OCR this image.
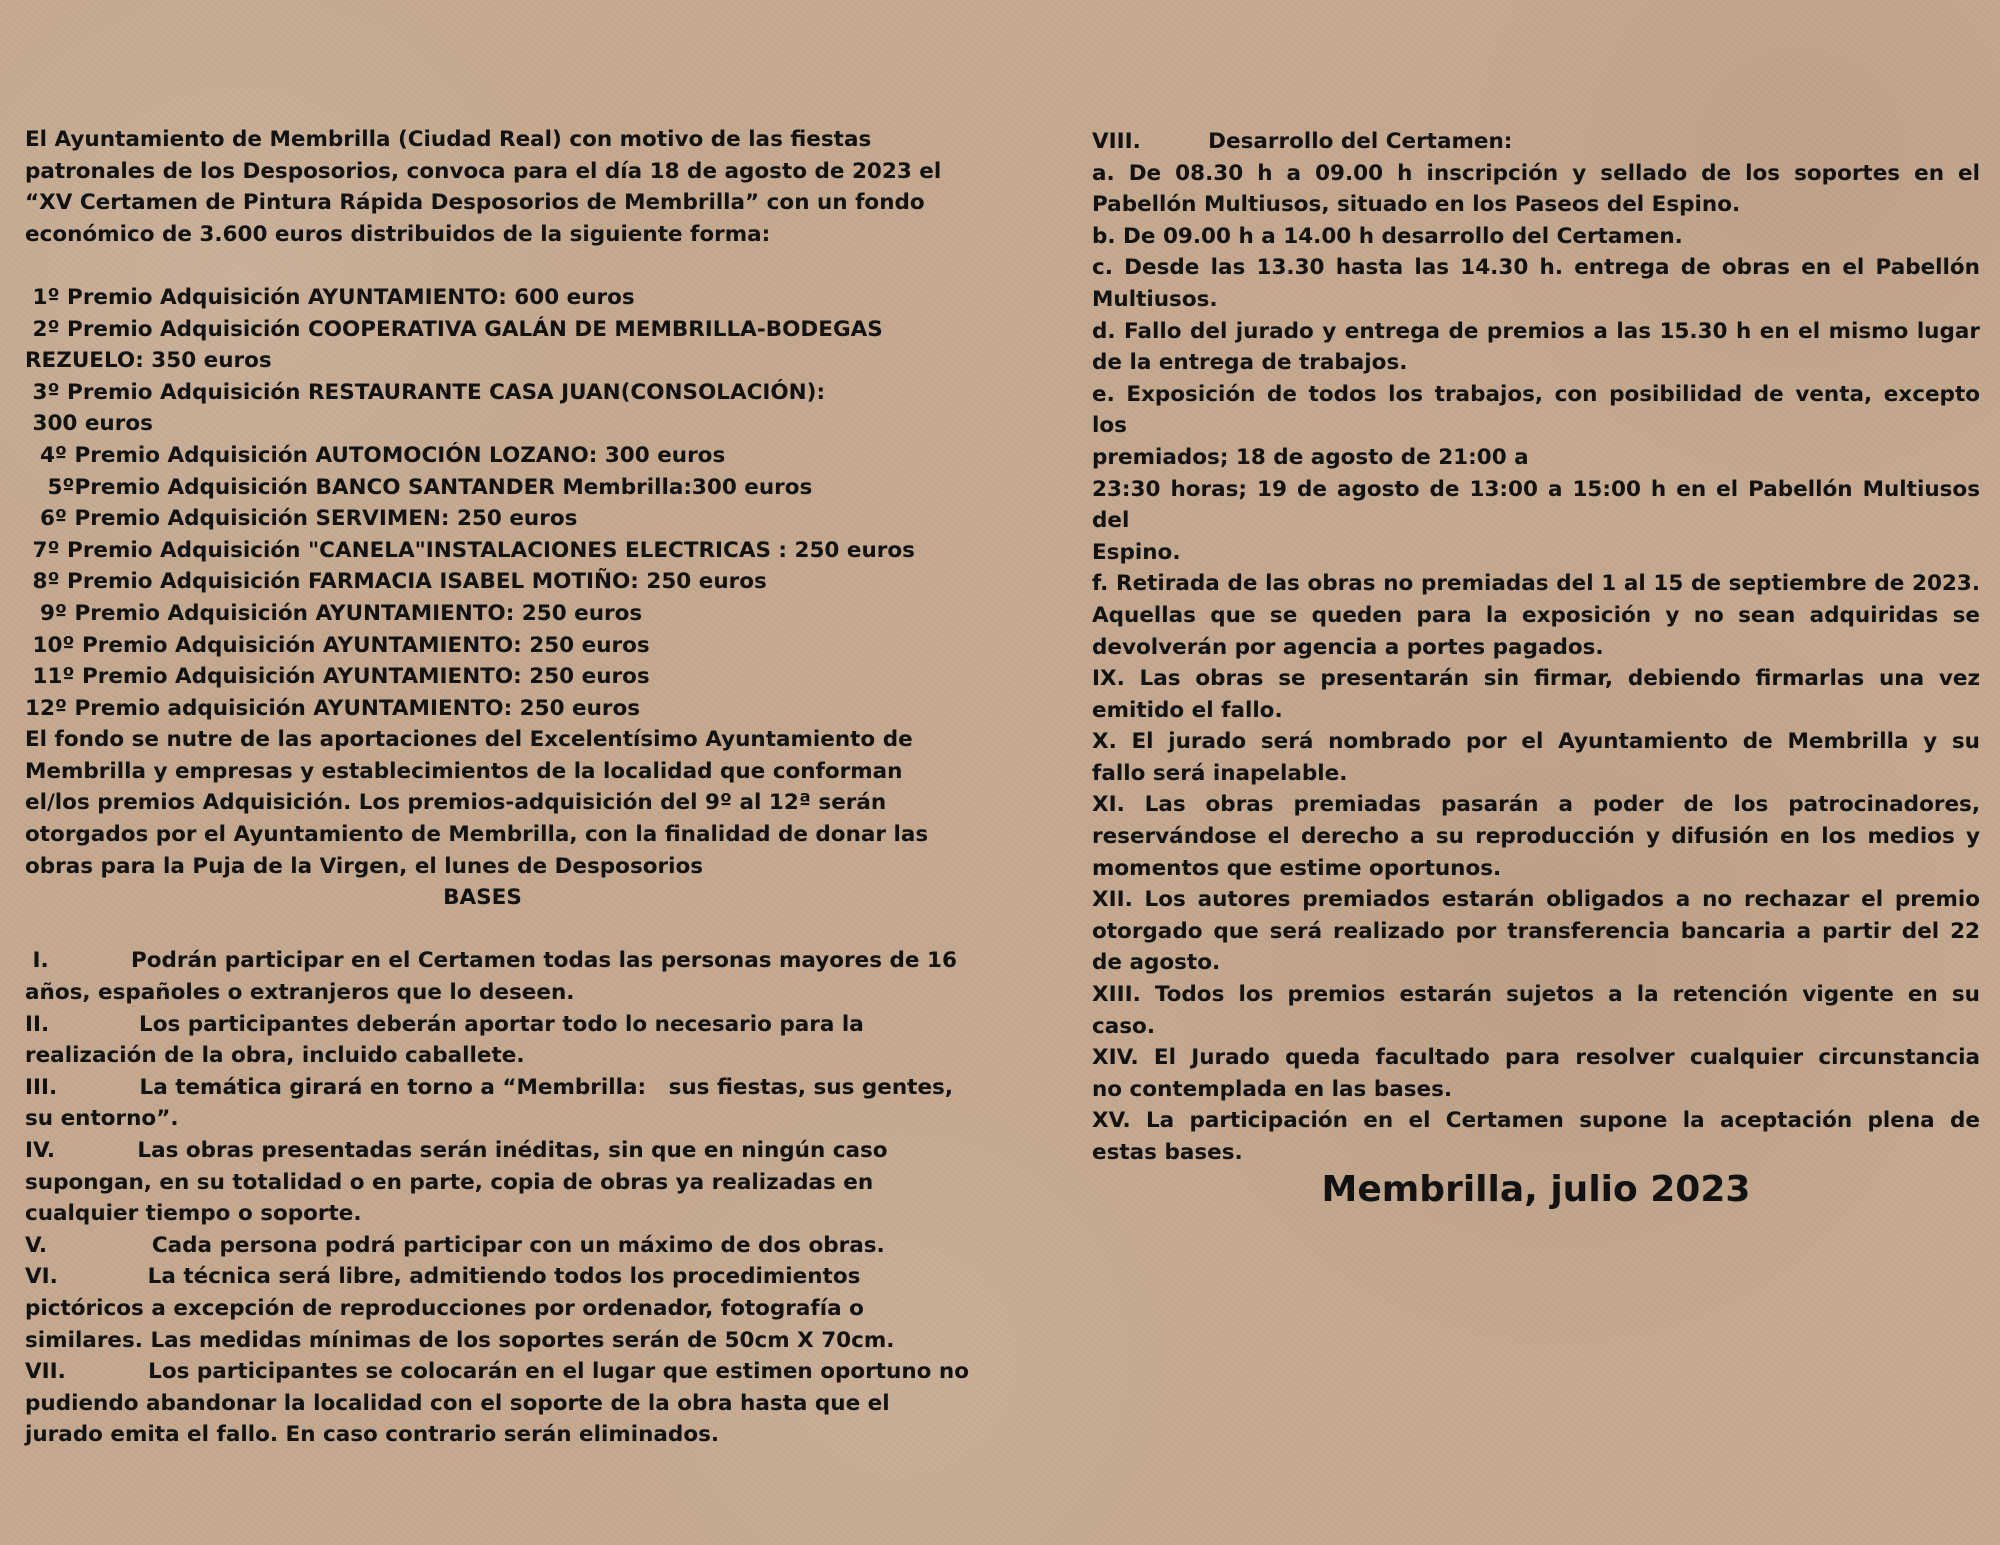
El Ayuntamiento de Membrilla (Ciudad Real) con motivo de las fiestas
patronales de los Desposorios, convoca para el día 18 de agosto de 2023 el
“XV Certamen de Pintura Rápida Desposorios de Membrilla” con un fondo
económico de 3.600 euros distribuidos de la siguiente forma:
1º Premio Adquisición AYUNTAMIENTO: 600 euros
2º Premio Adquisición COOPERATIVA GALÁN DE MEMBRILLA-BODEGAS
REZUELO: 350 euros
3º Premio Adquisición RESTAURANTE CASA JUAN(CONSOLACIÓN):
300 euros
4º Premio Adquisición AUTOMOCIÓN LOZANO: 300 euros
5ºPremio Adquisición BANCO SANTANDER Membrilla:300 euros
6º Premio Adquisición SERVIMEN: 250 euros
7º Premio Adquisición "CANELA"INSTALACIONES ELECTRICAS : 250 euros
8º Premio Adquisición FARMACIA ISABEL MOTIÑO: 250 euros
9º Premio Adquisición AYUNTAMIENTO: 250 euros
10º Premio Adquisición AYUNTAMIENTO: 250 euros
11º Premio Adquisición AYUNTAMIENTO: 250 euros
12º Premio adquisición AYUNTAMIENTO: 250 euros
El fondo se nutre de las aportaciones del Excelentísimo Ayuntamiento de
Membrilla y empresas y establecimientos de la localidad que conforman
el/los premios Adquisición. Los premios-adquisición del 9º al 12ª serán
otorgados por el Ayuntamiento de Membrilla, con la finalidad de donar las
obras para la Puja de la Virgen, el lunes de Desposorios
BASES
I.           Podrán participar en el Certamen todas las personas mayores de 16
años, españoles o extranjeros que lo deseen.
II.            Los participantes deberán aportar todo lo necesario para la
realización de la obra, incluido caballete.
III.           La temática girará en torno a “Membrilla:   sus fiestas, sus gentes,
su entorno”.
IV.           Las obras presentadas serán inéditas, sin que en ningún caso
supongan, en su totalidad o en parte, copia de obras ya realizadas en
cualquier tiempo o soporte.
V.              Cada persona podrá participar con un máximo de dos obras.
VI.            La técnica será libre, admitiendo todos los procedimientos
pictóricos a excepción de reproducciones por ordenador, fotografía o
similares. Las medidas mínimas de los soportes serán de 50cm X 70cm.
VII.           Los participantes se colocarán en el lugar que estimen oportuno no
pudiendo abandonar la localidad con el soporte de la obra hasta que el
jurado emita el fallo. En caso contrario serán eliminados.
VIII.         Desarrollo del Certamen:
a. De 08.30 h a 09.00 h inscripción y sellado de los soportes en el
Pabellón Multiusos, situado en los Paseos del Espino.
b. De 09.00 h a 14.00 h desarrollo del Certamen.
c. Desde las 13.30 hasta las 14.30 h. entrega de obras en el Pabellón
Multiusos.
d. Fallo del jurado y entrega de premios a las 15.30 h en el mismo lugar
de la entrega de trabajos.
e. Exposición de todos los trabajos, con posibilidad de venta, excepto los
premiados; 18 de agosto de 21:00 a
23:30 horas; 19 de agosto de 13:00 a 15:00 h en el Pabellón Multiusos del
Espino.
f. Retirada de las obras no premiadas del 1 al 15 de septiembre de 2023.
Aquellas que se queden para la exposición y no sean adquiridas se
devolverán por agencia a portes pagados.
IX. Las obras se presentarán sin firmar, debiendo firmarlas una vez
emitido el fallo.
X. El jurado será nombrado por el Ayuntamiento de Membrilla y su
fallo será inapelable.
XI. Las obras premiadas pasarán a poder de los patrocinadores,
reservándose el derecho a su reproducción y difusión en los medios y
momentos que estime oportunos.
XII. Los autores premiados estarán obligados a no rechazar el premio
otorgado que será realizado por transferencia bancaria a partir del 22
de agosto.
XIII. Todos los premios estarán sujetos a la retención vigente en su
caso.
XIV. El Jurado queda facultado para resolver cualquier circunstancia
no contemplada en las bases.
XV. La participación en el Certamen supone la aceptación plena de
estas bases.
Membrilla, julio 2023
